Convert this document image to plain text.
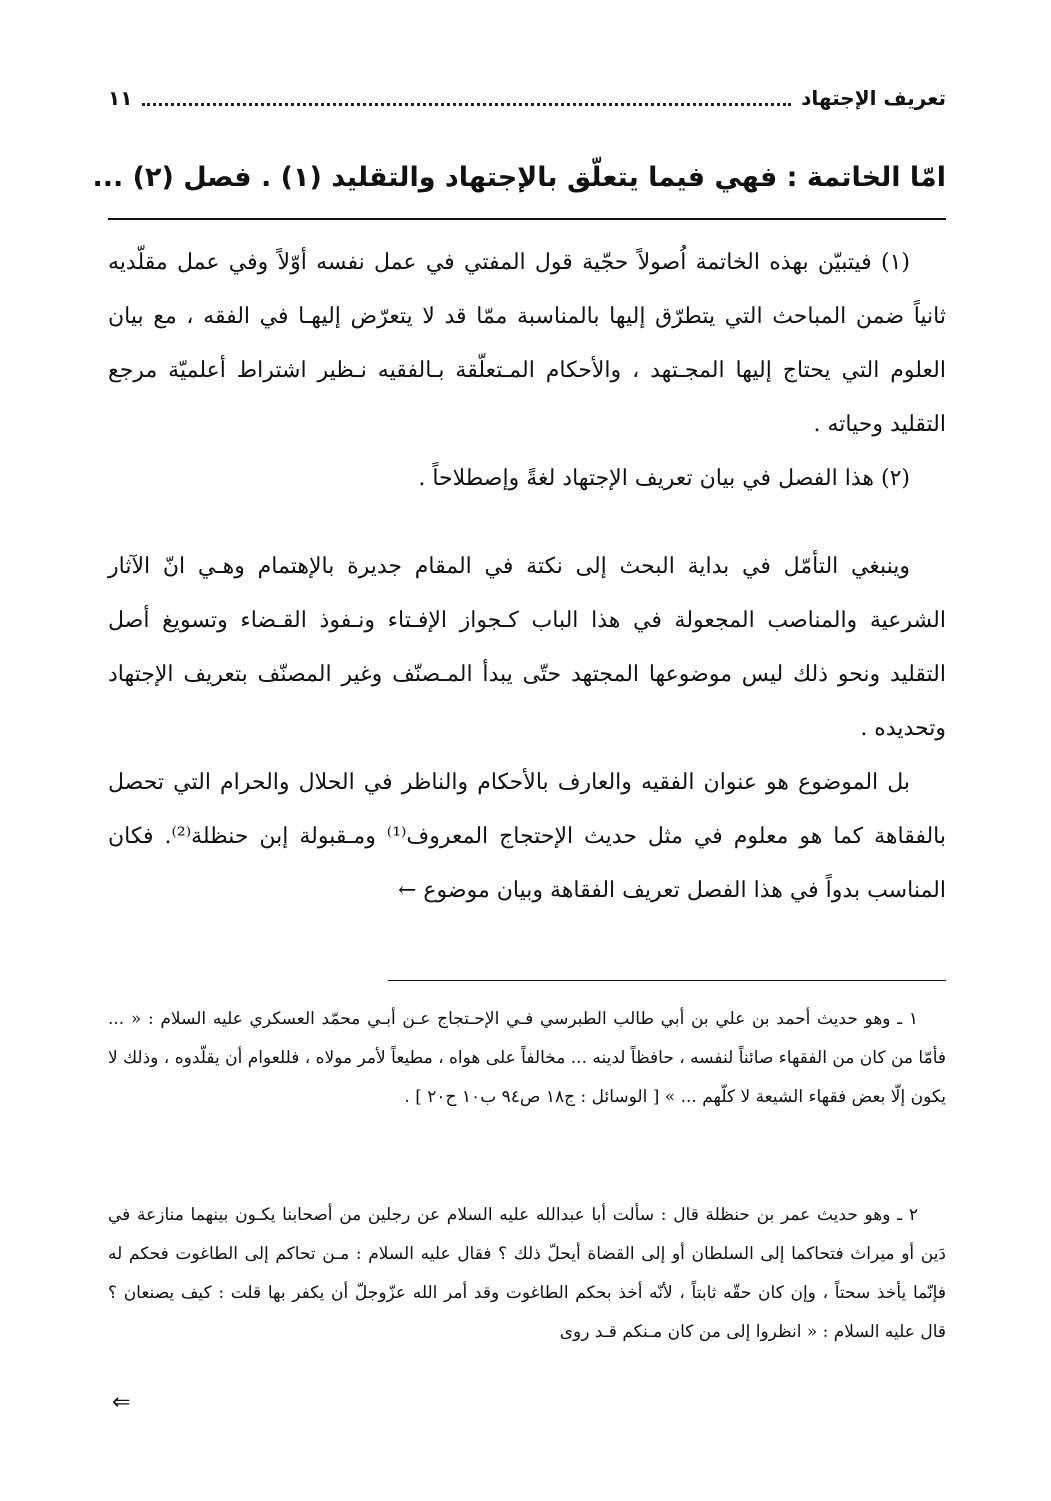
تعريف الإجتهاد
١١
امّا الخاتمة : فهي فيما يتعلّق بالإجتهاد والتقليد (١) . فصل (٢) ...

(١) فيتبيّن بهذه الخاتمة اُصولاً حجّية قول المفتي في عمل نفسه أوّلاً وفي عمل مقلّديه ثانياً ضمن المباحث التي يتطرّق إليها بالمناسبة ممّا قد لا يتعرّض إليهـا في الفقه ، مع بيان العلوم التي يحتاج إليها المجـتهد ، والأحكام المـتعلّقة بـالفقيه نـظير اشتراط أعلميّة مرجع التقليد وحياته .

(٢) هذا الفصل في بيان تعريف الإجتهاد لغةً وإصطلاحاً .

وينبغي التأمّل في بداية البحث إلى نكتة في المقام جديرة بالإهتمام وهـي انّ الآثار الشرعية والمناصب المجعولة في هذا الباب كـجواز الإفـتاء ونـفوذ القـضاء وتسويغ أصل التقليد ونحو ذلك ليس موضوعها المجتهد حتّى يبدأ المـصنّف وغير المصنّف بتعريف الإجتهاد وتحديده .

بل الموضوع هو عنوان الفقيه والعارف بالأحكام والناظر في الحلال والحرام التي تحصل بالفقاهة كما هو معلوم في مثل حديث الإحتجاج المعروف⁽¹⁾ ومـقبولة إبن حنظلة⁽²⁾. فكان المناسب بدواً في هذا الفصل تعريف الفقاهة وبيان موضوع ←

١ ـ وهو حديث أحمد بن علي بن أبي طالب الطبرسي فـي الإحـتجاج عـن أبـي محمّد العسكري عليه السلام : « ... فأمّا من كان من الفقهاء صائناً لنفسه ، حافظاً لدينه ... مخالفاً على هواه ، مطيعاً لأمر مولاه ، فللعوام أن يقلّدوه ، وذلك لا يكون إلّا بعض فقهاء الشيعة لا كلّهم ... » [ الوسائل : ج١٨ ص٩٤ ب١٠ ح٢٠ ] .

٢ ـ وهو حديث عمر بن حنظلة قال : سألت أبا عبدالله عليه السلام عن رجلين من أصحابنا يكـون بينهما منازعة في دَين أو ميراث فتحاكما إلى السلطان أو إلى القضاة أيحلّ ذلك ؟ فقال عليه السلام : مـن تحاكم إلى الطاغوت فحكم له فإنّما يأخذ سحتاً ، وإن كان حقّه ثابتاً ، لأنّه أخذ بحكم الطاغوت وقد أمر الله عزّوجلّ أن يكفر بها قلت : كيف يصنعان ؟ قال عليه السلام : « انظروا إلى من كان مـنكم قـد روى

⇐
